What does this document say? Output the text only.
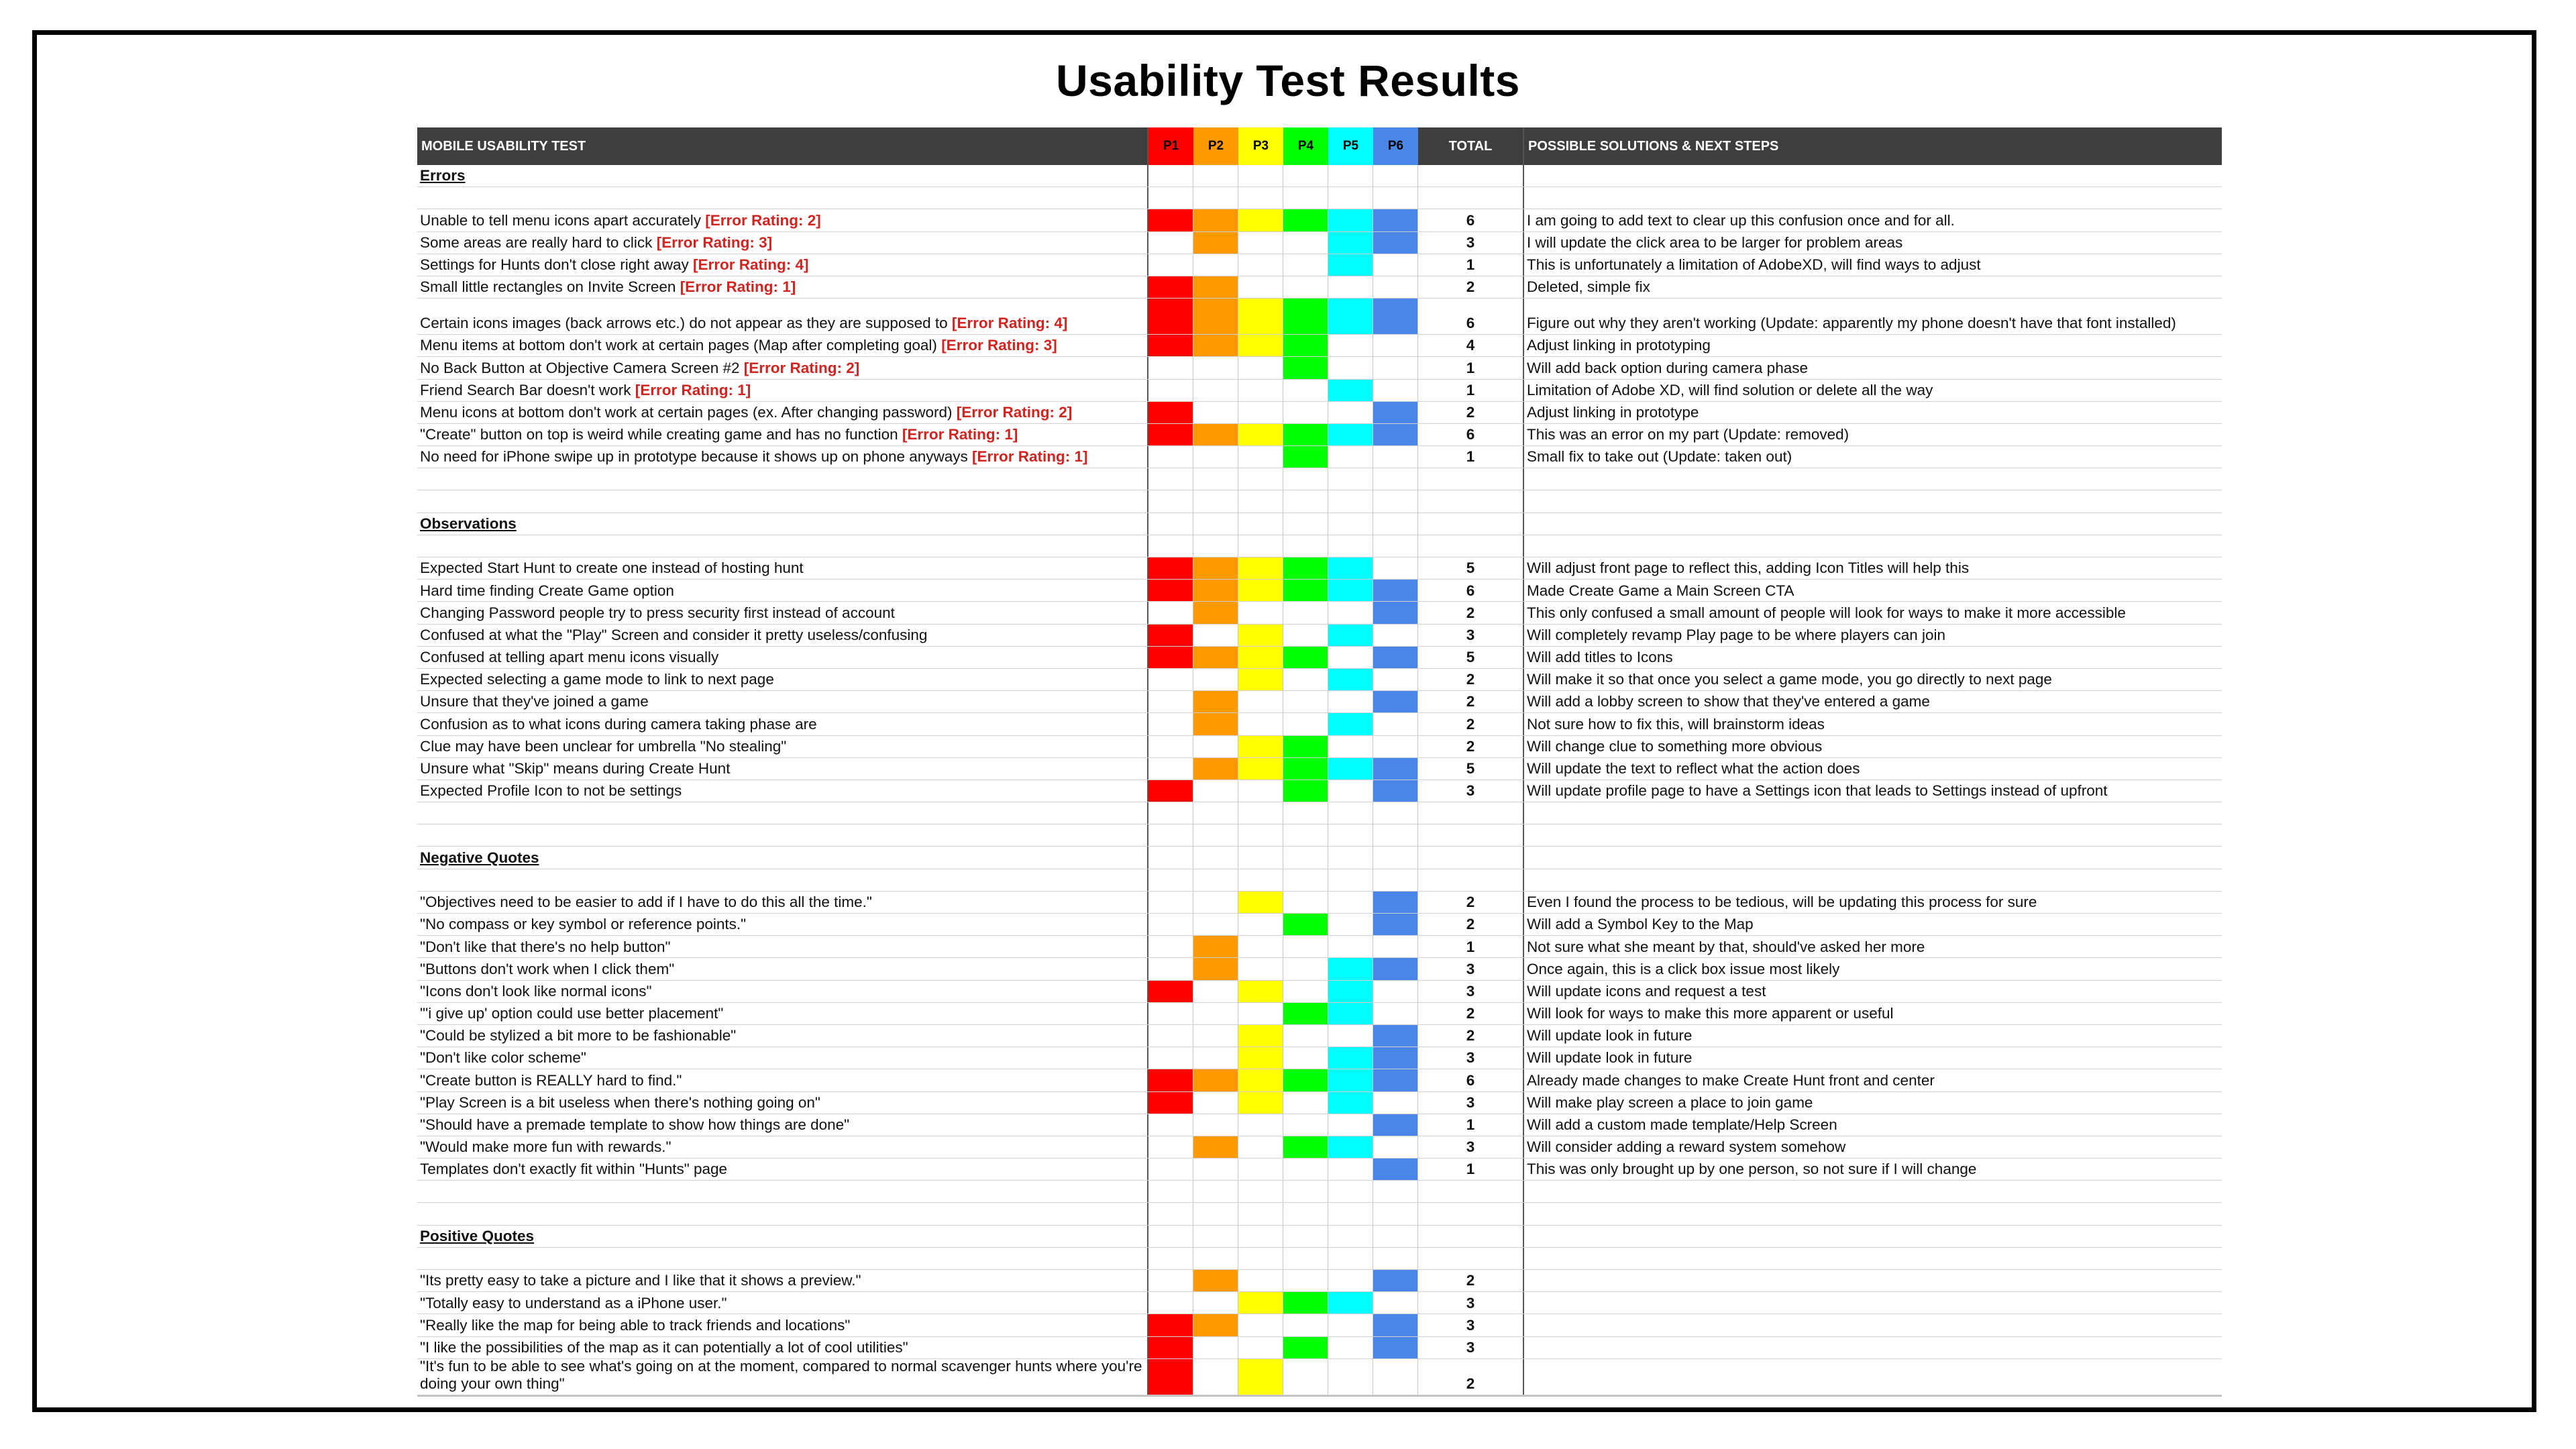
Usability Test Results
MOBILE USABILITY TEST	P1	P2	P3	P4	P5	P6	TOTAL	POSSIBLE SOLUTIONS & NEXT STEPS
Errors
Unable to tell menu icons apart accurately [Error Rating: 2]	6	I am going to add text to clear up this confusion once and for all.
Some areas are really hard to click [Error Rating: 3]	3	I will update the click area to be larger for problem areas
Settings for Hunts don't close right away [Error Rating: 4]	1	This is unfortunately a limitation of AdobeXD, will find ways to adjust
Small little rectangles on Invite Screen [Error Rating: 1]	2	Deleted, simple fix
Certain icons images (back arrows etc.) do not appear as they are supposed to [Error Rating: 4]	6	Figure out why they aren't working (Update: apparently my phone doesn't have that font installed)
Menu items at bottom don't work at certain pages (Map after completing goal) [Error Rating: 3]	4	Adjust linking in prototyping
No Back Button at Objective Camera Screen #2 [Error Rating: 2]	1	Will add back option during camera phase
Friend Search Bar doesn't work [Error Rating: 1]	1	Limitation of Adobe XD, will find solution or delete all the way
Menu icons at bottom don't work at certain pages (ex. After changing password) [Error Rating: 2]	2	Adjust linking in prototype
"Create" button on top is weird while creating game and has no function [Error Rating: 1]	6	This was an error on my part (Update: removed)
No need for iPhone swipe up in prototype because it shows up on phone anyways [Error Rating: 1]	1	Small fix to take out (Update: taken out)
Observations
Expected Start Hunt to create one instead of hosting hunt	5	Will adjust front page to reflect this, adding Icon Titles will help this
Hard time finding Create Game option	6	Made Create Game a Main Screen CTA
Changing Password people try to press security first instead of account	2	This only confused a small amount of people will look for ways to make it more accessible
Confused at what the "Play" Screen and consider it pretty useless/confusing	3	Will completely revamp Play page to be where players can join
Confused at telling apart menu icons visually	5	Will add titles to Icons
Expected selecting a game mode to link to next page	2	Will make it so that once you select a game mode, you go directly to next page
Unsure that they've joined a game	2	Will add a lobby screen to show that they've entered a game
Confusion as to what icons during camera taking phase are	2	Not sure how to fix this, will brainstorm ideas
Clue may have been unclear for umbrella "No stealing"	2	Will change clue to something more obvious
Unsure what "Skip" means during Create Hunt	5	Will update the text to reflect what the action does
Expected Profile Icon to not be settings	3	Will update profile page to have a Settings icon that leads to Settings instead of upfront
Negative Quotes
"Objectives need to be easier to add if I have to do this all the time."	2	Even I found the process to be tedious, will be updating this process for sure
"No compass or key symbol or reference points."	2	Will add a Symbol Key to the Map
"Don't like that there's no help button"	1	Not sure what she meant by that, should've asked her more
"Buttons don't work when I click them"	3	Once again, this is a click box issue most likely
"Icons don't look like normal icons"	3	Will update icons and request a test
"'i give up' option could use better placement"	2	Will look for ways to make this more apparent or useful
"Could be stylized a bit more to be fashionable"	2	Will update look in future
"Don't like color scheme"	3	Will update look in future
"Create button is REALLY hard to find."	6	Already made changes to make Create Hunt front and center
"Play Screen is a bit useless when there's nothing going on"	3	Will make play screen a place to join game
"Should have a premade template to show how things are done"	1	Will add a custom made template/Help Screen
"Would make more fun with rewards."	3	Will consider adding a reward system somehow
Templates don't exactly fit within "Hunts" page	1	This was only brought up by one person, so not sure if I will change
Positive Quotes
"Its pretty easy to take a picture and I like that it shows a preview."	2
"Totally easy to understand as a iPhone user."	3
"Really like the map for being able to track friends and locations"	3
"I like the possibilities of the map as it can potentially a lot of cool utilities"	3
"It's fun to be able to see what's going on at the moment, compared to normal scavenger hunts where you're doing your own thing"	2
